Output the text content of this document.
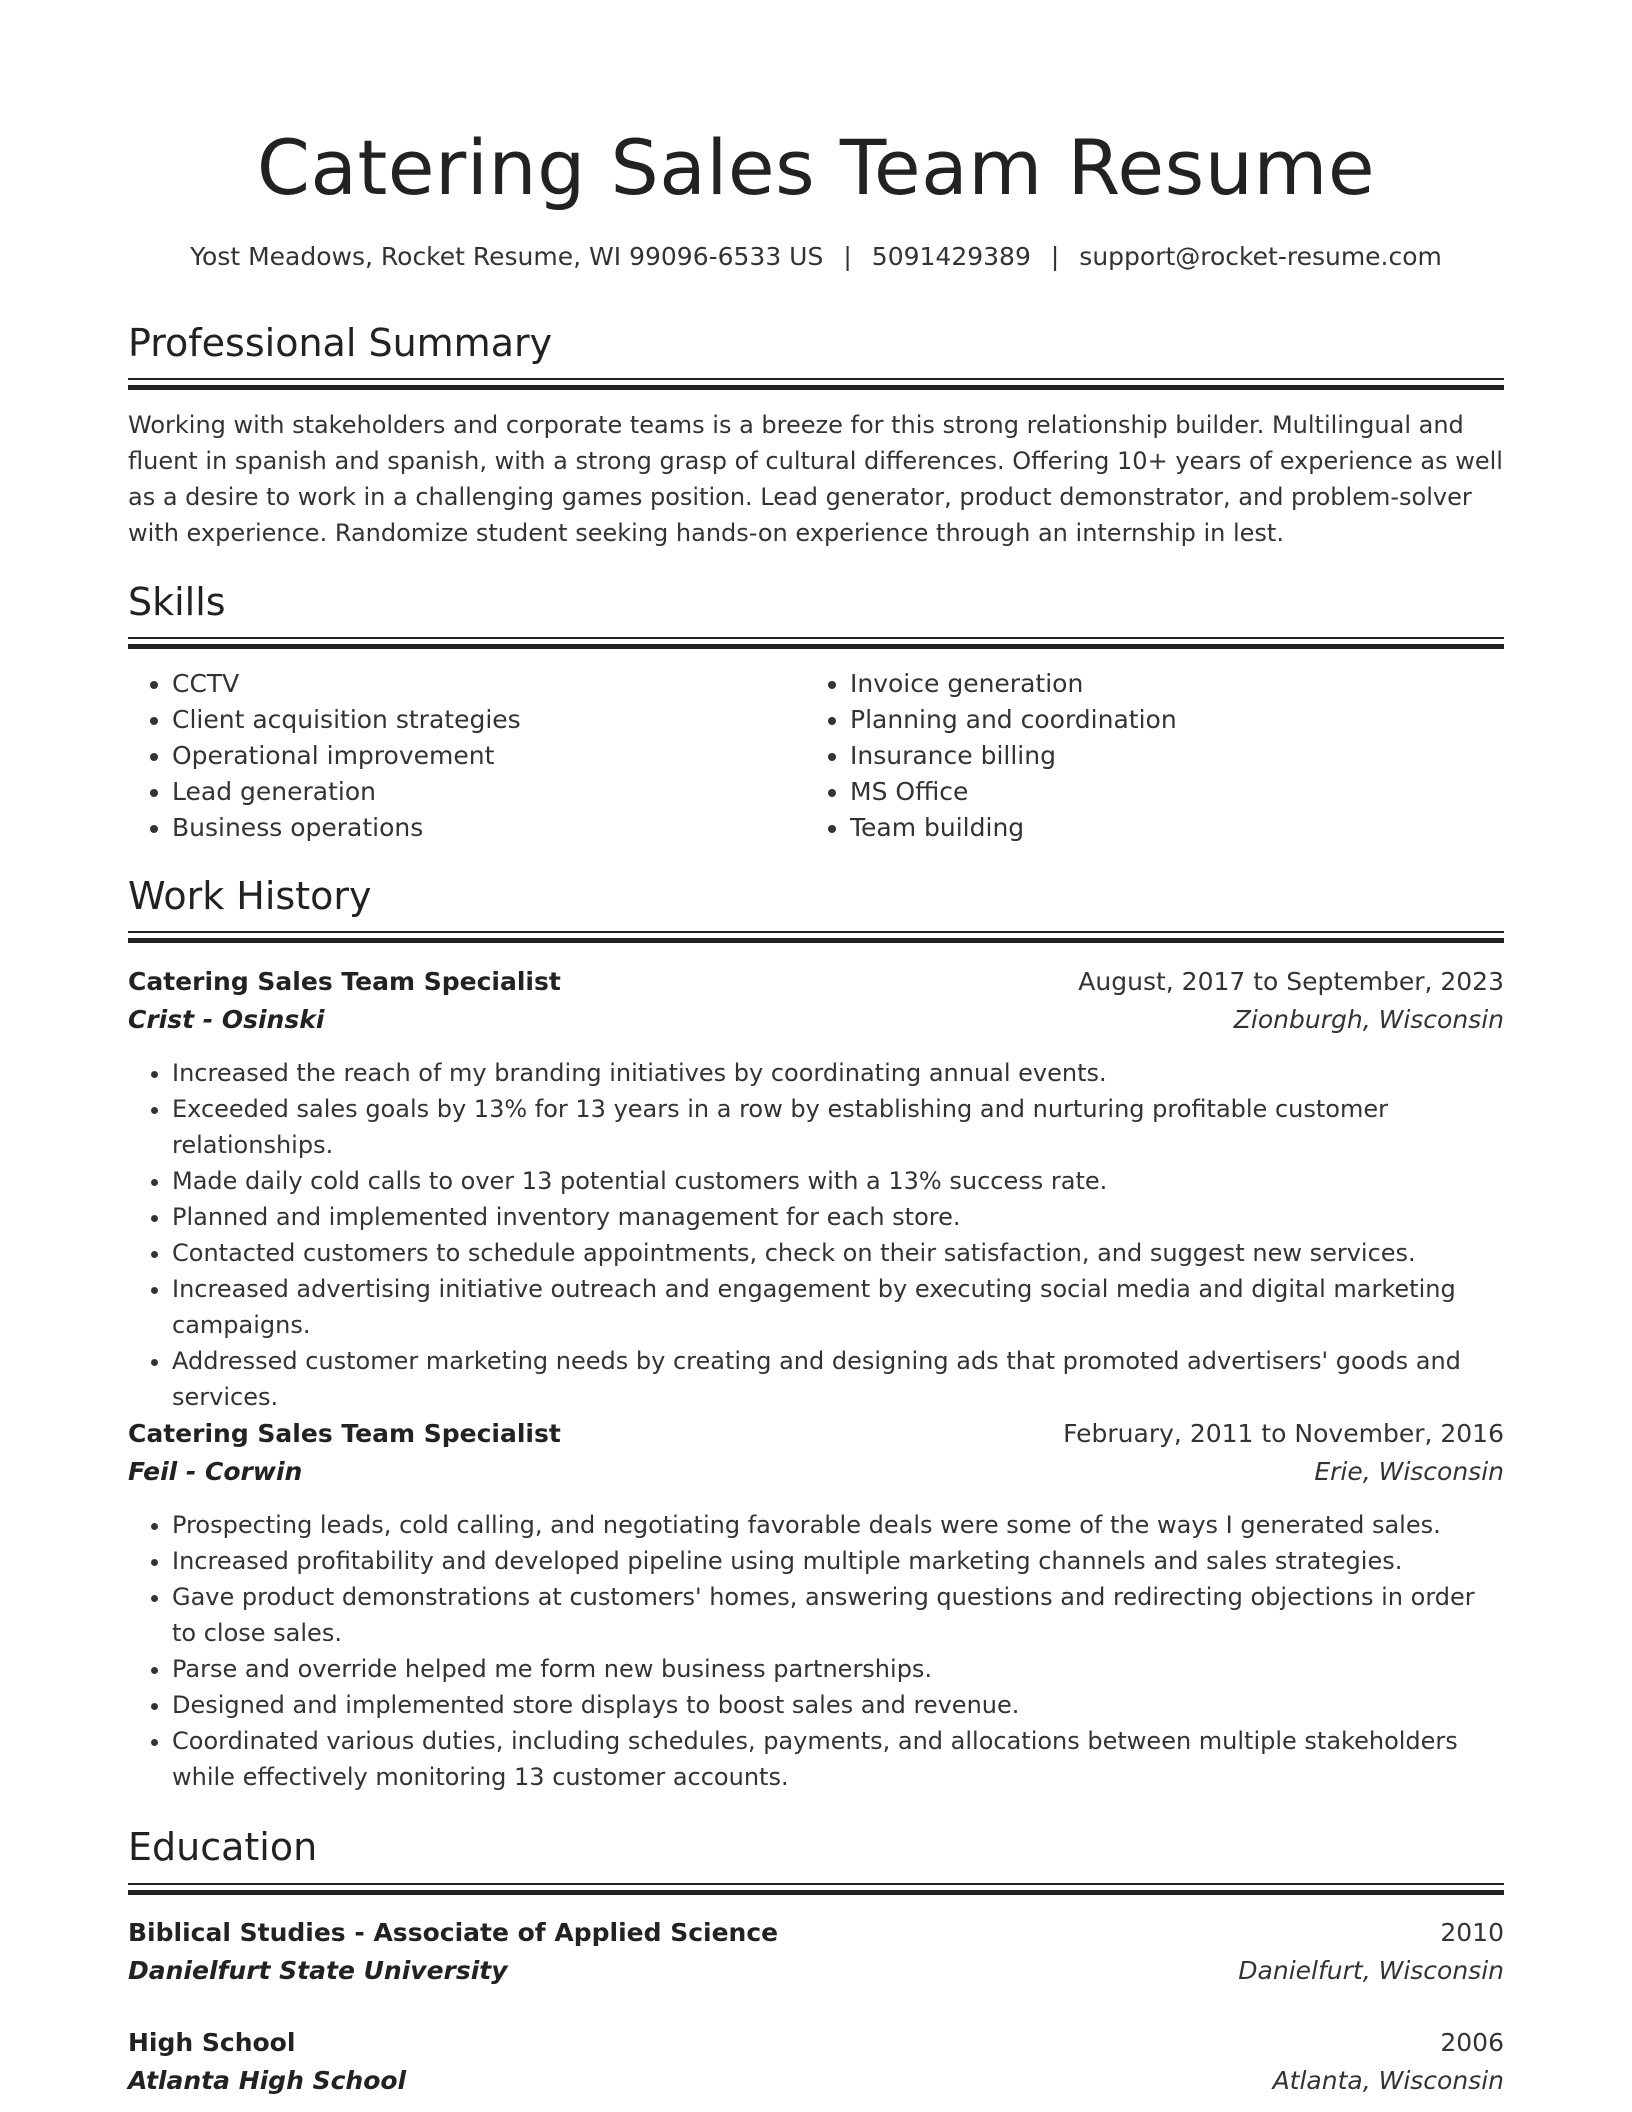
Catering Sales Team Resume
Yost Meadows, Rocket Resume, WI 99096-6533 US | 5091429389 | support@rocket-resume.com
Professional Summary

Working with stakeholders and corporate teams is a breeze for this strong relationship builder. Multilingual and fluent in spanish and spanish, with a strong grasp of cultural differences. Offering 10+ years of experience as well as a desire to work in a challenging games position. Lead generator, product demonstrator, and problem-solver with experience. Randomize student seeking hands-on experience through an internship in lest.

Skills
• CCTV
• Client acquisition strategies
• Operational improvement
• Lead generation
• Business operations
• Invoice generation
• Planning and coordination
• Insurance billing
• MS Office
• Team building
Work History
Catering Sales Team Specialist	August, 2017 to September, 2023
Crist - Osinski	Zionburgh, Wisconsin
• Increased the reach of my branding initiatives by coordinating annual events.
• Exceeded sales goals by 13% for 13 years in a row by establishing and nurturing profitable customer relationships.
• Made daily cold calls to over 13 potential customers with a 13% success rate.
• Planned and implemented inventory management for each store.
• Contacted customers to schedule appointments, check on their satisfaction, and suggest new services.
• Increased advertising initiative outreach and engagement by executing social media and digital marketing campaigns.
• Addressed customer marketing needs by creating and designing ads that promoted advertisers' goods and services.
Catering Sales Team Specialist	February, 2011 to November, 2016
Feil - Corwin	Erie, Wisconsin
• Prospecting leads, cold calling, and negotiating favorable deals were some of the ways I generated sales.
• Increased profitability and developed pipeline using multiple marketing channels and sales strategies.
• Gave product demonstrations at customers' homes, answering questions and redirecting objections in order to close sales.
• Parse and override helped me form new business partnerships.
• Designed and implemented store displays to boost sales and revenue.
• Coordinated various duties, including schedules, payments, and allocations between multiple stakeholders while effectively monitoring 13 customer accounts.
Education
Biblical Studies - Associate of Applied Science	2010
Danielfurt State University	Danielfurt, Wisconsin
High School	2006
Atlanta High School	Atlanta, Wisconsin
